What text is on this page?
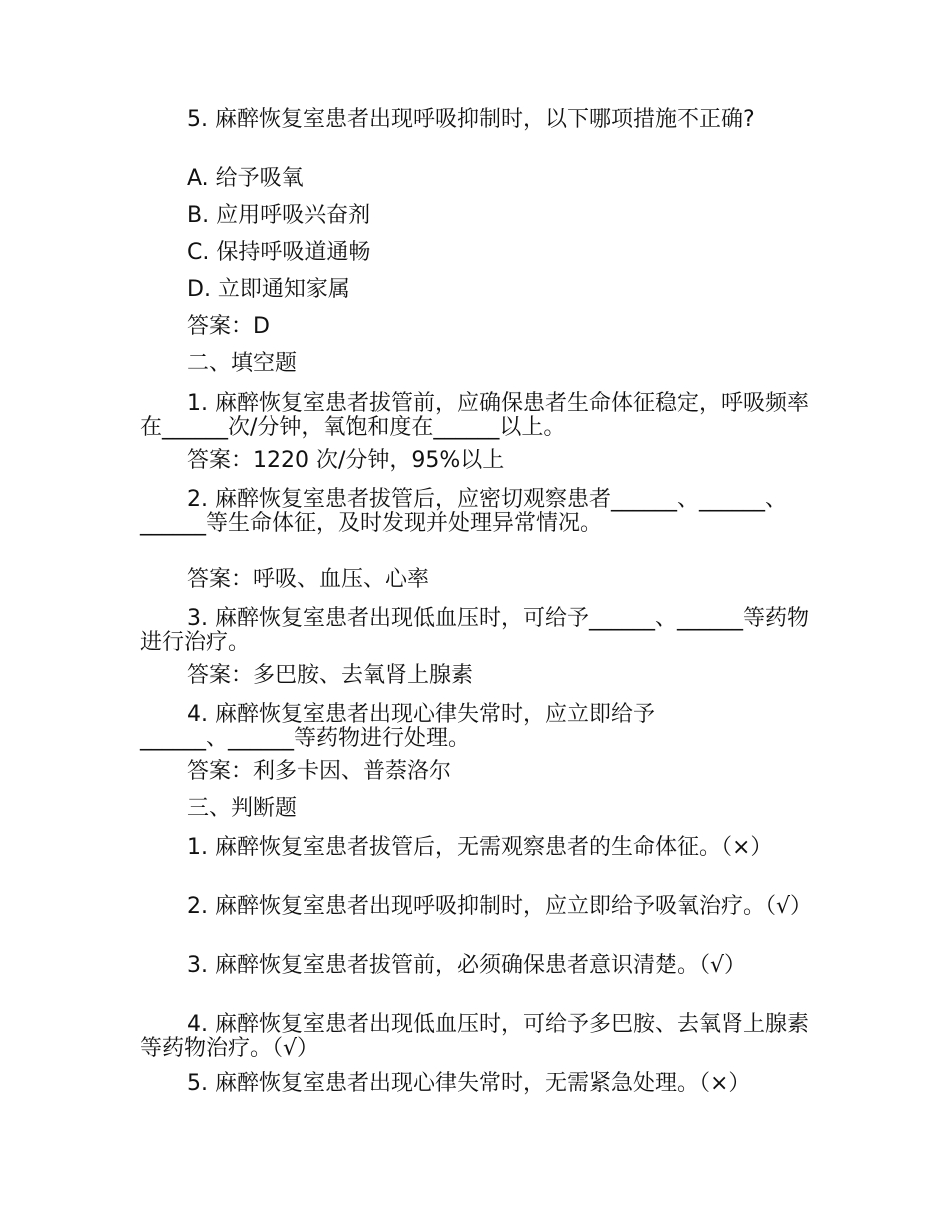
5. 麻醉恢复室患者出现呼吸抑制时，以下哪项措施不正确?

A. 给予吸氧

B. 应用呼吸兴奋剂

C. 保持呼吸道通畅

D. 立即通知家属

答案：D

二、填空题

1. 麻醉恢复室患者拔管前，应确保患者生命体征稳定，呼吸频率在______次/分钟，氧饱和度在______以上。

答案：1220 次/分钟，95%以上

2. 麻醉恢复室患者拔管后，应密切观察患者______、______、______等生命体征，及时发现并处理异常情况。

答案：呼吸、血压、心率

3. 麻醉恢复室患者出现低血压时，可给予______、______等药物进行治疗。

答案：多巴胺、去氧肾上腺素

4. 麻醉恢复室患者出现心律失常时，应立即给予______、______等药物进行处理。

答案：利多卡因、普萘洛尔

三、判断题

1. 麻醉恢复室患者拔管后，无需观察患者的生命体征。（×）

2. 麻醉恢复室患者出现呼吸抑制时，应立即给予吸氧治疗。（√）

3. 麻醉恢复室患者拔管前，必须确保患者意识清楚。（√）

4. 麻醉恢复室患者出现低血压时，可给予多巴胺、去氧肾上腺素等药物治疗。（√）

5. 麻醉恢复室患者出现心律失常时，无需紧急处理。（×）
